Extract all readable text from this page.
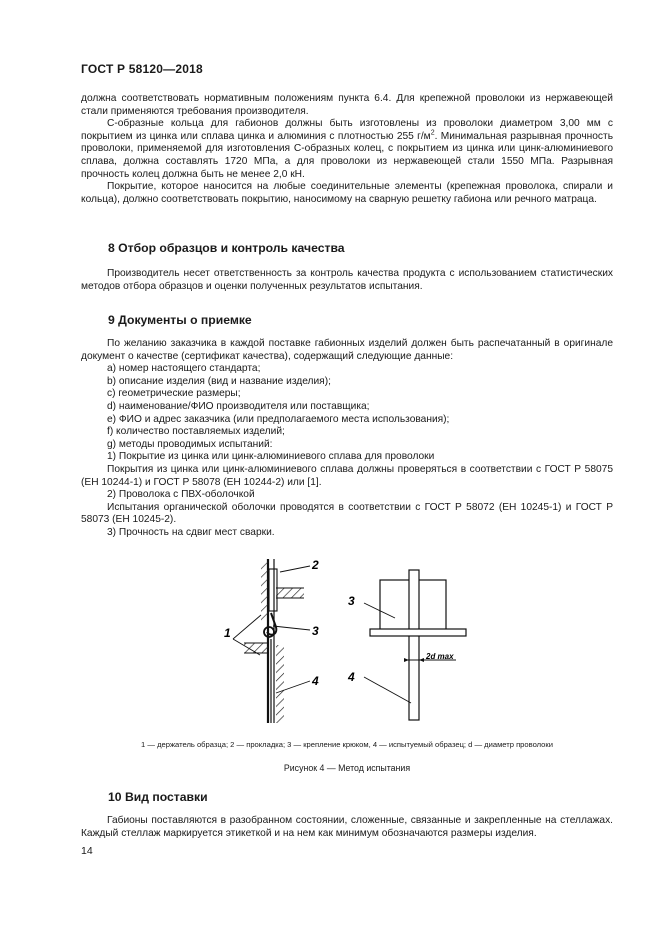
ГОСТ Р 58120—2018

должна соответствовать нормативным положениям пункта 6.4. Для крепежной проволоки из нержавеющей стали применяются требования производителя.

С-образные кольца для габионов должны быть изготовлены из проволоки диаметром 3,00 мм с покрытием из цинка или сплава цинка и алюминия с плотностью 255 $г/м^2$. Минимальная разрывная прочность проволоки, применяемой для изготовления С-образных колец, с покрытием из цинка или цинк-алюминиевого сплава, должна составлять 1720 МПа, а для проволоки из нержавеющей стали 1550 МПа. Разрывная прочность колец должна быть не менее 2,0 кН.

Покрытие, которое наносится на любые соединительные элементы (крепежная проволока, спирали и кольца), должно соответствовать покрытию, наносимому на сварную решетку габиона или речного матраца.

8 Отбор образцов и контроль качества

Производитель несет ответственность за контроль качества продукта с использованием статистических методов отбора образцов и оценки полученных результатов испытания.

9 Документы о приемке

По желанию заказчика в каждой поставке габионных изделий должен быть распечатанный в оригинале документ о качестве (сертификат качества), содержащий следующие данные:

a) номер настоящего стандарта;

b) описание изделия (вид и название изделия);

c) геометрические размеры;

d) наименование/ФИО производителя или поставщика;

e) ФИО и адрес заказчика (или предполагаемого места использования);

f) количество поставляемых изделий;

g) методы проводимых испытаний:

1) Покрытие из цинка или цинк-алюминиевого сплава для проволоки

Покрытия из цинка или цинк-алюминиевого сплава должны проверяться в соответствии с ГОСТ Р 58075 (ЕН 10244-1) и ГОСТ Р 58078 (ЕН 10244-2) или [1].

2) Проволока с ПВХ-оболочкой

Испытания органической оболочки проводятся в соответствии с ГОСТ Р 58072 (ЕН 10245-1) и ГОСТ Р 58073 (ЕН 10245-2).

3) Прочность на сдвиг мест сварки.

1
2
3
4
2d max
3
4
1 — держатель образца; 2 — прокладка; 3 — крепление крюком, 4 — испытуемый образец; d — диаметр проволоки
Рисунок 4 — Метод испытания
10 Вид поставки

Габионы поставляются в разобранном состоянии, сложенные, связанные и закрепленные на стеллажах. Каждый стеллаж маркируется этикеткой и на нем как минимум обозначаются размеры изделия.

14
